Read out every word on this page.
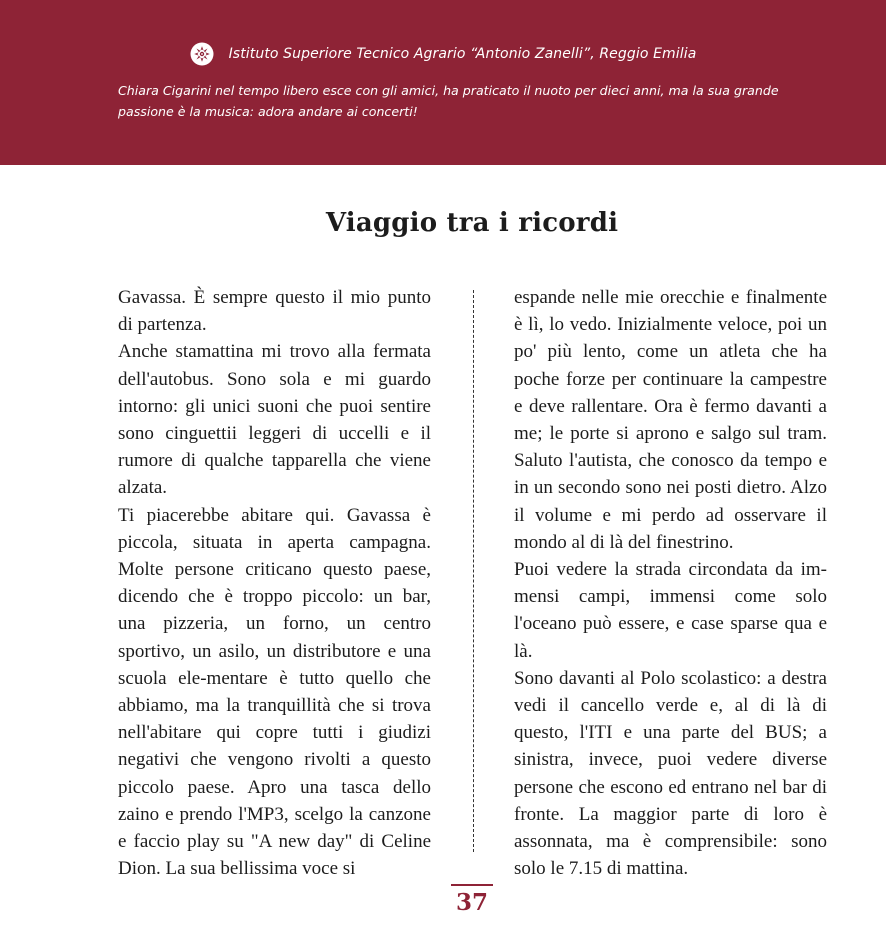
Istituto Superiore Tecnico Agrario “Antonio Zanelli”, Reggio Emilia

Chiara Cigarini nel tempo libero esce con gli amici, ha praticato il nuoto per dieci anni, ma la sua grande passione è la musica: adora andare ai concerti!

Viaggio tra i ricordi

Gavassa. È sempre questo il mio punto di partenza.

Anche stamattina mi trovo alla fermata dell'autobus. Sono sola e mi guardo intorno: gli unici suoni che puoi sentire sono cinguettii leggeri di uccelli e il rumore di qualche tapparella che viene alzata.

Ti piacerebbe abitare qui. Gavassa è piccola, situata in aperta campagna. Molte persone criticano questo paese, dicendo che è troppo piccolo: un bar, una pizzeria, un forno, un centro sportivo, un asilo, un distributore e una scuola ele-mentare è tutto quello che abbiamo, ma la tranquillità che si trova nell'abitare qui copre tutti i giudizi negativi che vengono rivolti a questo piccolo paese. Apro una tasca dello zaino e prendo l'MP3, scelgo la canzone e faccio play su "A new day" di Celine Dion. La sua bellissima voce si

espande nelle mie orecchie e finalmente è lì, lo vedo. Inizialmente veloce, poi un po' più lento, come un atleta che ha poche forze per continuare la campestre e deve rallentare. Ora è fermo davanti a me; le porte si aprono e salgo sul tram. Saluto l'autista, che conosco da tempo e in un secondo sono nei posti dietro. Alzo il volume e mi perdo ad osservare il mondo al di là del finestrino.

Puoi vedere la strada circondata da im-mensi campi, immensi come solo l'oceano può essere, e case sparse qua e là.

Sono davanti al Polo scolastico: a destra vedi il cancello verde e, al di là di questo, l'ITI e una parte del BUS; a sinistra, invece, puoi vedere diverse persone che escono ed entrano nel bar di fronte. La maggior parte di loro è assonnata, ma è comprensibile: sono solo le 7.15 di mattina.

37
